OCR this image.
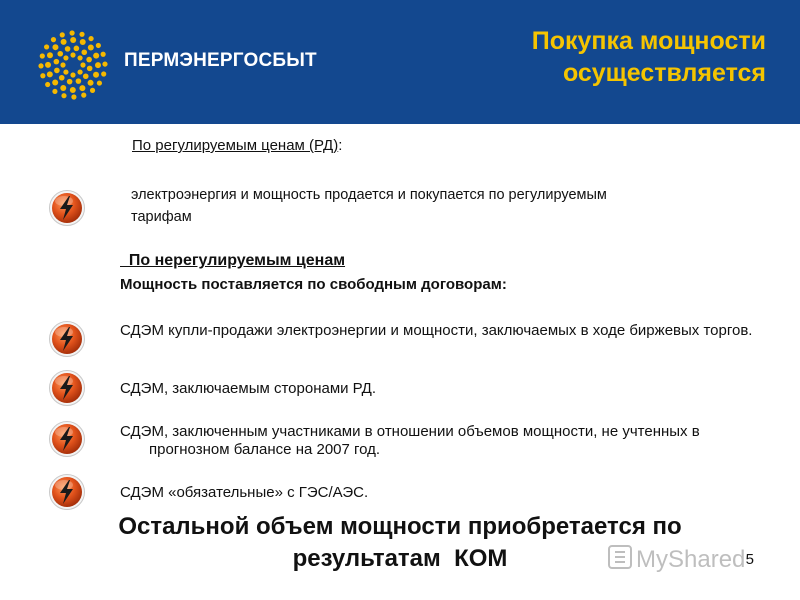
ПЕРМЭНЕРГОСБЫТ
Покупка мощности
осуществляется
По регулируемым ценам (РД):
электроэнергия и мощность продается и покупается по регулируемым
тарифам
По нерегулируемым ценам
Мощность поставляется по свободным договорам:
СДЭМ купли-продажи электроэнергии и мощности, заключаемых в ходе биржевых торгов.
СДЭМ, заключаемым сторонами РД.
СДЭМ, заключенным участниками в отношении объемов мощности, не учтенных в прогнозном балансе на 2007 год.
СДЭМ «обязательные» с ГЭС/АЭС.
Остальной объем мощности приобретается по
результатам  КОМ	MyShared 5
